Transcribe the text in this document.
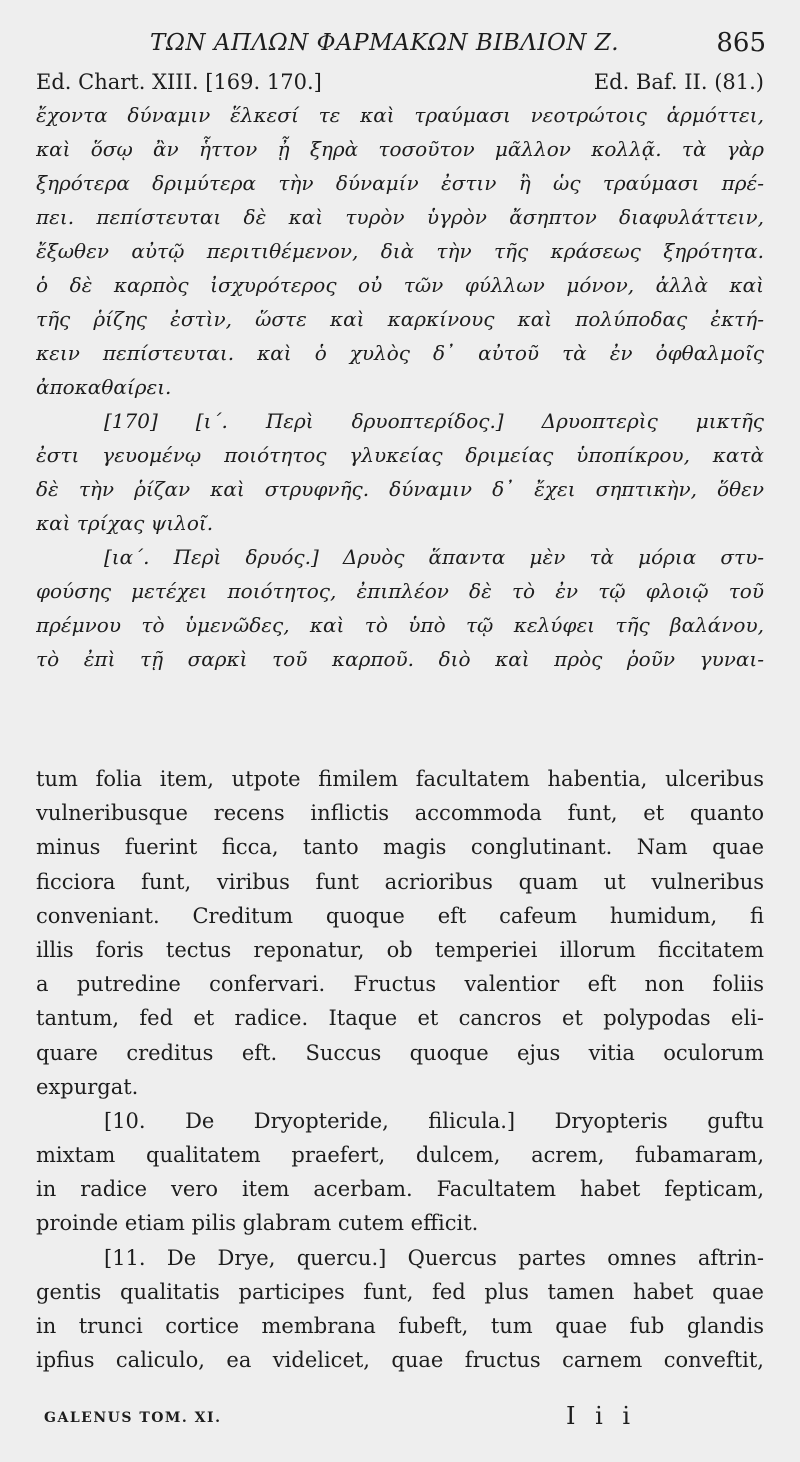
ΤΩΝ ΑΠΛΩΝ ΦΑΡΜΑΚΩΝ ΒΙΒΛΙΟΝ Ζ.	865
Ed. Chart. XIII. [169. 170.]	Ed. Baf. II. (81.)
ἔχοντα δύναμιν ἕλκεσί τε καὶ τραύμασι νεοτρώτοις ἁρμόττει,
καὶ ὅσῳ ἂν ἧττον ᾖ ξηρὰ τοσοῦτον μᾶλλον κολλᾷ. τὰ γὰρ
ξηρότερα δριμύτερα τὴν δύναμίν ἐστιν ἢ ὡς τραύμασι πρέ-
πει. πεπίστευται δὲ καὶ τυρὸν ὑγρὸν ἄσηπτον διαφυλάττειν,
ἔξωθεν αὐτῷ περιτιθέμενον, διὰ τὴν τῆς κράσεως ξηρότητα.
ὁ δὲ καρπὸς ἰσχυρότερος οὐ τῶν φύλλων μόνον, ἀλλὰ καὶ
τῆς ῥίζης ἐστὶν, ὥστε καὶ καρκίνους καὶ πολύποδας ἐκτή-
κειν πεπίστευται. καὶ ὁ χυλὸς δ᾽ αὐτοῦ τὰ ἐν ὀφθαλμοῖς
ἀποκαθαίρει.
[170] [ι΄. Περὶ δρυοπτερίδος.] Δρυοπτερὶς μικτῆς
ἐστι γευομένῳ ποιότητος γλυκείας δριμείας ὑποπίκρου, κατὰ
δὲ τὴν ῥίζαν καὶ στρυφνῆς. δύναμιν δ᾽ ἔχει σηπτικὴν, ὅθεν
καὶ τρίχας ψιλοῖ.
[ια΄. Περὶ δρυός.] Δρυὸς ἅπαντα μὲν τὰ μόρια στυ-
φούσης μετέχει ποιότητος, ἐπιπλέον δὲ τὸ ἐν τῷ φλοιῷ τοῦ
πρέμνου τὸ ὑμενῶδες, καὶ τὸ ὑπὸ τῷ κελύφει τῆς βαλάνου,
τὸ ἐπὶ τῇ σαρκὶ τοῦ καρποῦ. διὸ καὶ πρὸς ῥοῦν γυναι-
tum folia item, utpote fimilem facultatem habentia, ulceribus
vulneribusque recens inflictis accommoda funt, et quanto
minus fuerint ficca, tanto magis conglutinant. Nam quae
ficciora funt, viribus funt acrioribus quam ut vulneribus
conveniant. Creditum quoque eft cafeum humidum, fi
illis foris tectus reponatur, ob temperiei illorum ficcitatem
a putredine confervari. Fructus valentior eft non foliis
tantum, fed et radice. Itaque et cancros et polypodas eli-
quare creditus eft. Succus quoque ejus vitia oculorum
expurgat.
[10. De Dryopteride, filicula.] Dryopteris guftu
mixtam qualitatem praefert, dulcem, acrem, fubamaram,
in radice vero item acerbam. Facultatem habet fepticam,
proinde etiam pilis glabram cutem efficit.
[11. De Drye, quercu.] Quercus partes omnes aftrin-
gentis qualitatis participes funt, fed plus tamen habet quae
in trunci cortice membrana fubeft, tum quae fub glandis
ipfius caliculo, ea videlicet, quae fructus carnem conveftit,
GALENUS TOM. XI.	I i i
